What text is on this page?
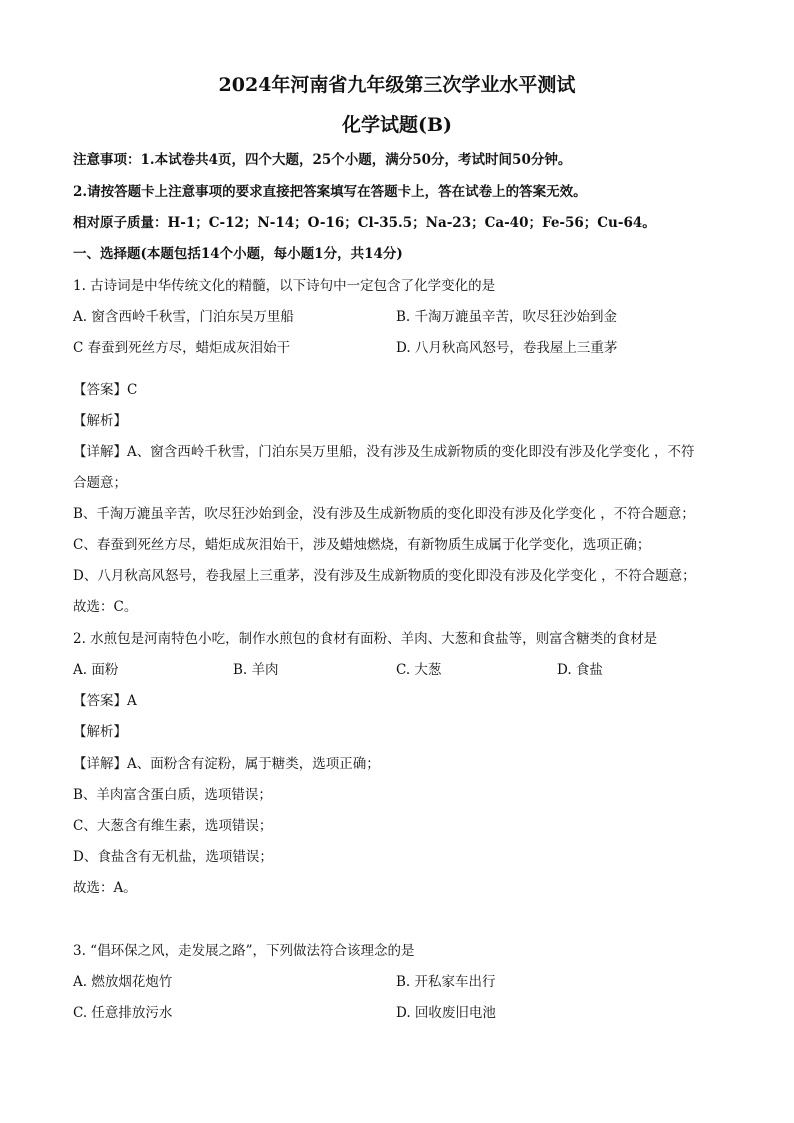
2024年河南省九年级第三次学业水平测试
化学试题(B)
注意事项：1.本试卷共4页，四个大题，25个小题，满分50分，考试时间50分钟。
2.请按答题卡上注意事项的要求直接把答案填写在答题卡上，答在试卷上的答案无效。
相对原子质量：H-1；C-12；N-14；O-16；Cl-35.5；Na-23；Ca-40；Fe-56；Cu-64。
一、选择题(本题包括14个小题，每小题1分，共14分)
1. 古诗词是中华传统文化的精髓，以下诗句中一定包含了化学变化的是
A. 窗含西岭千秋雪，门泊东吴万里船	B. 千淘万漉虽辛苦，吹尽狂沙始到金
C 春蚕到死丝方尽，蜡炬成灰泪始干	D. 八月秋高风怒号，卷我屋上三重茅
【答案】C
【解析】
【详解】A、窗含西岭千秋雪，门泊东吴万里船，没有涉及生成新物质的变化即没有涉及化学变化 ，不符
合题意；
B、千淘万漉虽辛苦，吹尽狂沙始到金，没有涉及生成新物质的变化即没有涉及化学变化 ，不符合题意；
C、春蚕到死丝方尽，蜡炬成灰泪始干，涉及蜡烛燃烧，有新物质生成属于化学变化，选项正确；
D、八月秋高风怒号，卷我屋上三重茅，没有涉及生成新物质的变化即没有涉及化学变化 ，不符合题意；
故选：C。
2. 水煎包是河南特色小吃，制作水煎包的食材有面粉、羊肉、大葱和食盐等，则富含糖类的食材是
A. 面粉	B. 羊肉	C. 大葱	D. 食盐
【答案】A
【解析】
【详解】A、面粉含有淀粉，属于糖类，选项正确；
B、羊肉富含蛋白质，选项错误；
C、大葱含有维生素，选项错误；
D、食盐含有无机盐，选项错误；
故选：A。
3. “倡环保之风，走发展之路”，下列做法符合该理念的是
A. 燃放烟花炮竹	B. 开私家车出行
C. 任意排放污水	D. 回收废旧电池
